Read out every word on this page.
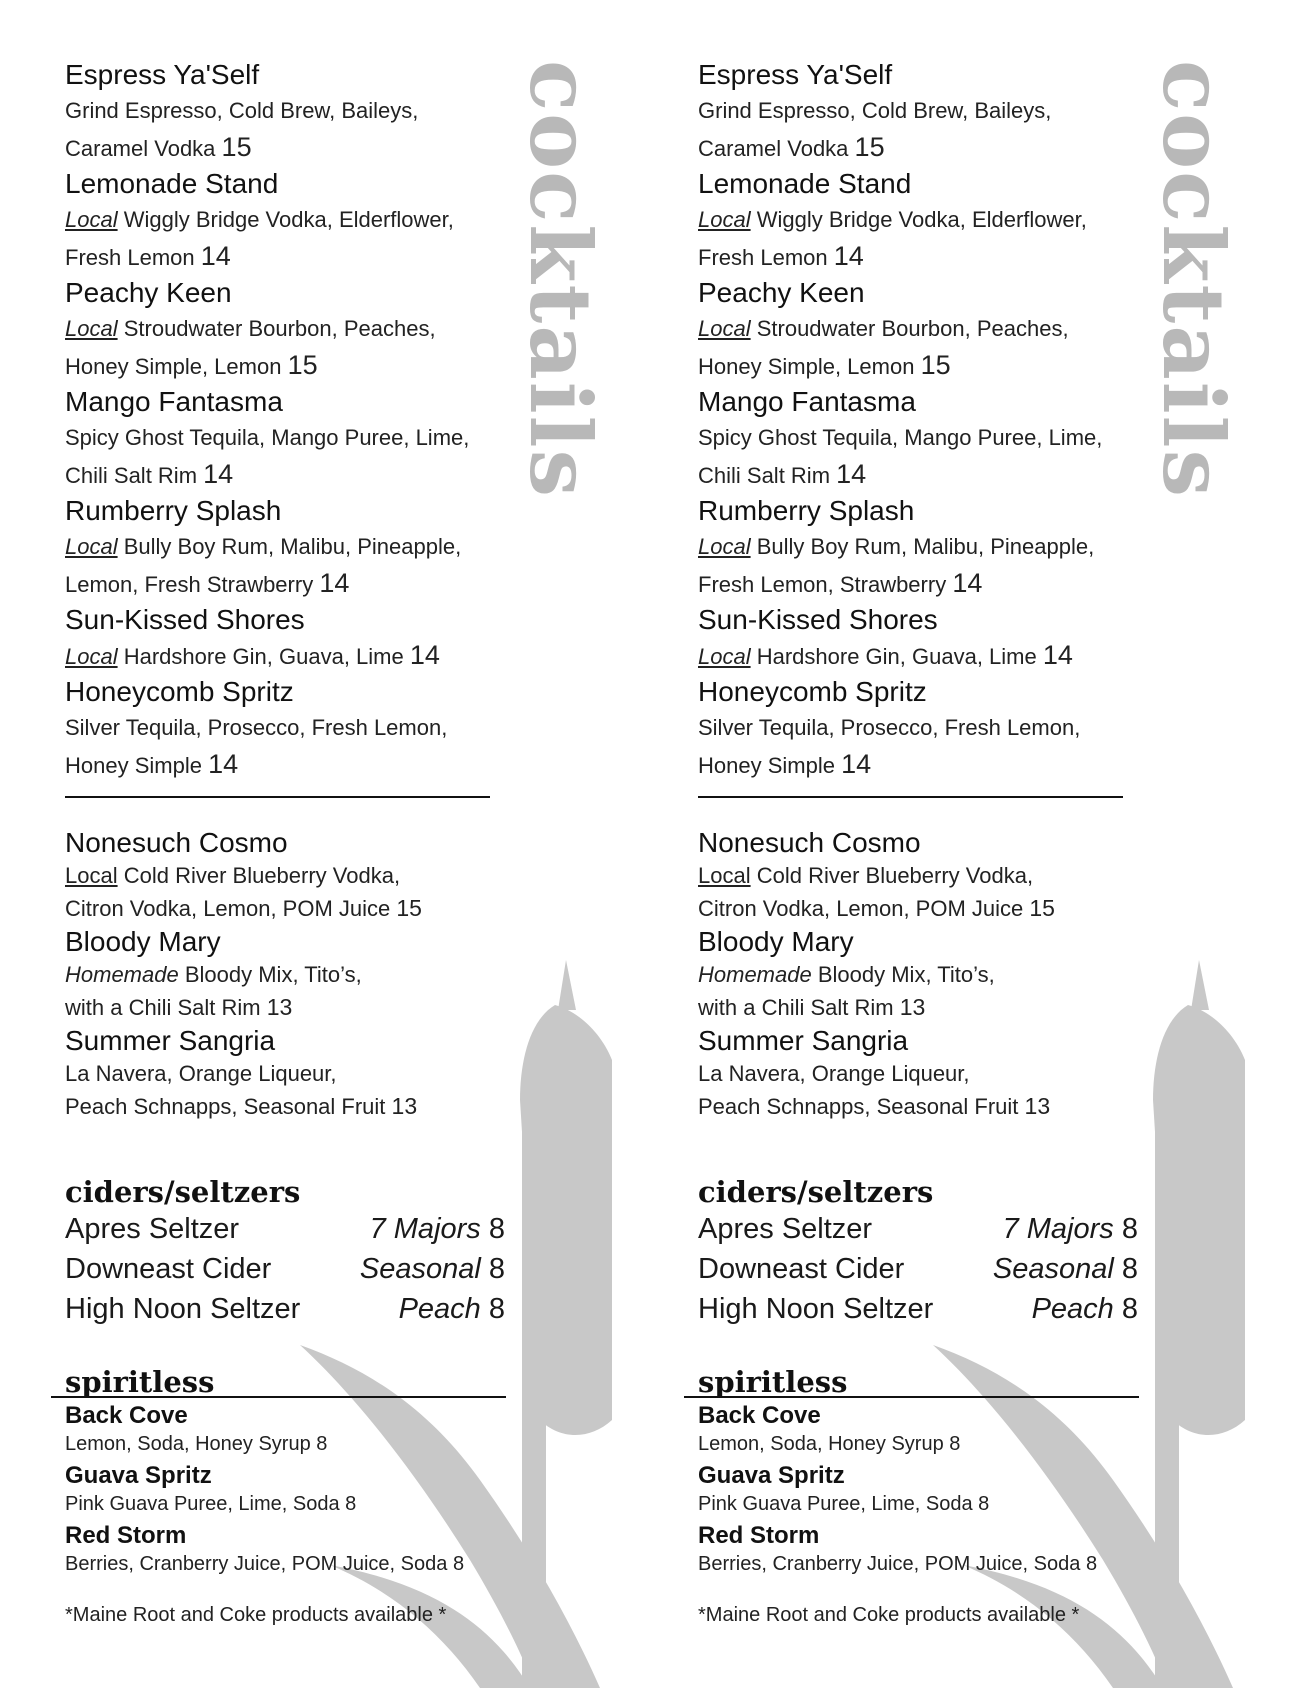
cocktails
Espress Ya'Self
Grind Espresso, Cold Brew, Baileys,
Caramel Vodka 15
Lemonade Stand
Local Wiggly Bridge Vodka, Elderflower,
Fresh Lemon 14
Peachy Keen
Local Stroudwater Bourbon, Peaches,
Honey Simple, Lemon 15
Mango Fantasma
Spicy Ghost Tequila, Mango Puree, Lime,
Chili Salt Rim 14
Rumberry Splash
Local Bully Boy Rum, Malibu, Pineapple,
Lemon, Fresh Strawberry 14
Sun-Kissed Shores
Local Hardshore Gin, Guava, Lime 14
Honeycomb Spritz
Silver Tequila, Prosecco, Fresh Lemon,
Honey Simple 14
Nonesuch Cosmo
Local Cold River Blueberry Vodka,
Citron Vodka, Lemon, POM Juice 15
Bloody Mary
Homemade Bloody Mix, Tito’s,
with a Chili Salt Rim 13
Summer Sangria
La Navera, Orange Liqueur,
Peach Schnapps, Seasonal Fruit 13
ciders/seltzers
Apres Seltzer	7 Majors 8
Downeast Cider	Seasonal 8
High Noon Seltzer	Peach 8
spiritless
Back Cove
Lemon, Soda, Honey Syrup 8
Guava Spritz
Pink Guava Puree, Lime, Soda 8
Red Storm
Berries, Cranberry Juice, POM Juice, Soda 8
*Maine Root and Coke products available *
cocktails
Espress Ya'Self
Grind Espresso, Cold Brew, Baileys,
Caramel Vodka 15
Lemonade Stand
Local Wiggly Bridge Vodka, Elderflower,
Fresh Lemon 14
Peachy Keen
Local Stroudwater Bourbon, Peaches,
Honey Simple, Lemon 15
Mango Fantasma
Spicy Ghost Tequila, Mango Puree, Lime,
Chili Salt Rim 14
Rumberry Splash
Local Bully Boy Rum, Malibu, Pineapple,
Fresh Lemon, Strawberry 14
Sun-Kissed Shores
Local Hardshore Gin, Guava, Lime 14
Honeycomb Spritz
Silver Tequila, Prosecco, Fresh Lemon,
Honey Simple 14
Nonesuch Cosmo
Local Cold River Blueberry Vodka,
Citron Vodka, Lemon, POM Juice 15
Bloody Mary
Homemade Bloody Mix, Tito’s,
with a Chili Salt Rim 13
Summer Sangria
La Navera, Orange Liqueur,
Peach Schnapps, Seasonal Fruit 13
ciders/seltzers
Apres Seltzer	7 Majors 8
Downeast Cider	Seasonal 8
High Noon Seltzer	Peach 8
spiritless
Back Cove
Lemon, Soda, Honey Syrup 8
Guava Spritz
Pink Guava Puree, Lime, Soda 8
Red Storm
Berries, Cranberry Juice, POM Juice, Soda 8
*Maine Root and Coke products available *
